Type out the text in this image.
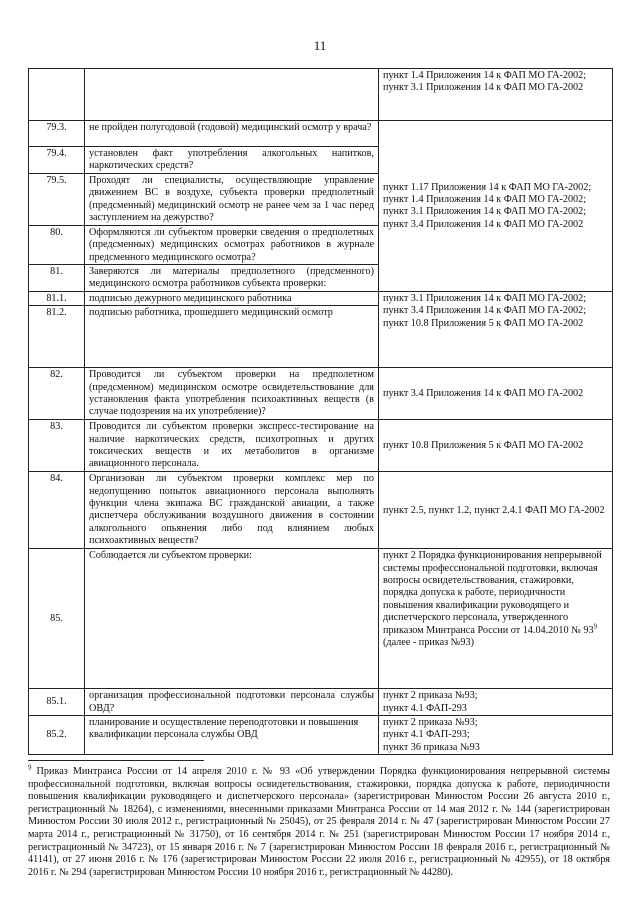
11
		пункт 1.4 Приложения 14 к ФАП МО ГА-2002;
пункт 3.1 Приложения 14 к ФАП МО ГА-2002
79.3.	не пройден полугодовой (годовой) медицинский осмотр у врача?	пункт 1.17 Приложения 14 к ФАП МО ГА-2002;
пункт 1.4 Приложения 14 к ФАП МО ГА-2002;
пункт 3.1 Приложения 14 к ФАП МО ГА-2002;
пункт 3.4 Приложения 14 к ФАП МО ГА-2002
79.4.	установлен факт употребления алкогольных напитков, наркотических средств?	
79.5.	Проходят ли специалисты, осуществляющие управление движением ВС в воздухе, субъекта проверки предполетный (предсменный) медицинский осмотр не ранее чем за 1 час перед заступлением на дежурство?	
80.	Оформляются ли субъектом проверки сведения о предполетных (предсменных) медицинских осмотрах работников в журнале предсменного медицинского осмотра?	
81.	Заверяются ли материалы предполетного (предсменного) медицинского осмотра работников субъекта проверки:	
81.1.	подписью дежурного медицинского работника	пункт 3.1 Приложения 14 к ФАП МО ГА-2002;
пункт 3.4 Приложения 14 к ФАП МО ГА-2002;
пункт 10.8 Приложения 5 к ФАП МО ГА-2002
81.2.	подписью работника, прошедшего медицинский осмотр	
82.	Проводится ли субъектом проверки на предполетном (предсменном) медицинском осмотре освидетельствование для установления факта употребления психоактивных веществ (в случае подозрения на их употребление)?	пункт 3.4 Приложения 14 к ФАП МО ГА-2002
83.	Проводится ли субъектом проверки экспресс-тестирование на наличие наркотических средств, психотропных и других токсических веществ и их метаболитов в организме авиационного персонала.	пункт 10.8 Приложения 5 к ФАП МО ГА-2002
84.	Организован ли субъектом проверки комплекс мер по недопущению попыток авиационного персонала выполнять функции члена экипажа ВС гражданской авиации, а также диспетчера обслуживания воздушного движения в состоянии алкогольного опьянения либо под влиянием любых психоактивных веществ?	пункт 2.5, пункт 1.2, пункт 2.4.1 ФАП МО ГА-2002
85.	Соблюдается ли субъектом проверки:	пункт 2 Порядка функционирования непрерывной системы профессиональной подготовки, включая вопросы освидетельствования, стажировки, порядка допуска к работе, периодичности повышения квалификации руководящего и диспетчерского персонала, утвержденного приказом Минтранса России от 14.04.2010 № $93^9$ (далее - приказ №93)
85.1.	организация профессиональной подготовки персонала службы ОВД?	пункт 2 приказа №93;
пункт 4.1 ФАП-293
85.2.	планирование и осуществление переподготовки и повышения квалификации персонала службы ОВД	пункт 2 приказа №93;
пункт 4.1 ФАП-293;
пункт 36 приказа №93
$^9$ Приказ Минтранса России от 14 апреля 2010 г. № 93 «Об утверждении Порядка функционирования непрерывной системы профессиональной подготовки, включая вопросы освидетельствования, стажировки, порядка допуска к работе, периодичности повышения квалификации руководящего и диспетчерского персонала» (зарегистрирован Минюстом России 26 августа 2010 г., регистрационный № 18264), с изменениями, внесенными приказами Минтранса России от 14 мая 2012 г. № 144 (зарегистрирован Минюстом России 30 июля 2012 г., регистрационный № 25045), от 25 февраля 2014 г. № 47 (зарегистрирован Минюстом России 27 марта 2014 г., регистрационный № 31750), от 16 сентября 2014 г. № 251 (зарегистрирован Минюстом России 17 ноября 2014 г., регистрационный № 34723), от 15 января 2016 г. № 7 (зарегистрирован Минюстом России 18 февраля 2016 г., регистрационный № 41141), от 27 июня 2016 г. № 176 (зарегистрирован Минюстом России 22 июля 2016 г., регистрационный № 42955), от 18 октября 2016 г. № 294 (зарегистрирован Минюстом России 10 ноября 2016 г., регистрационный № 44280).
